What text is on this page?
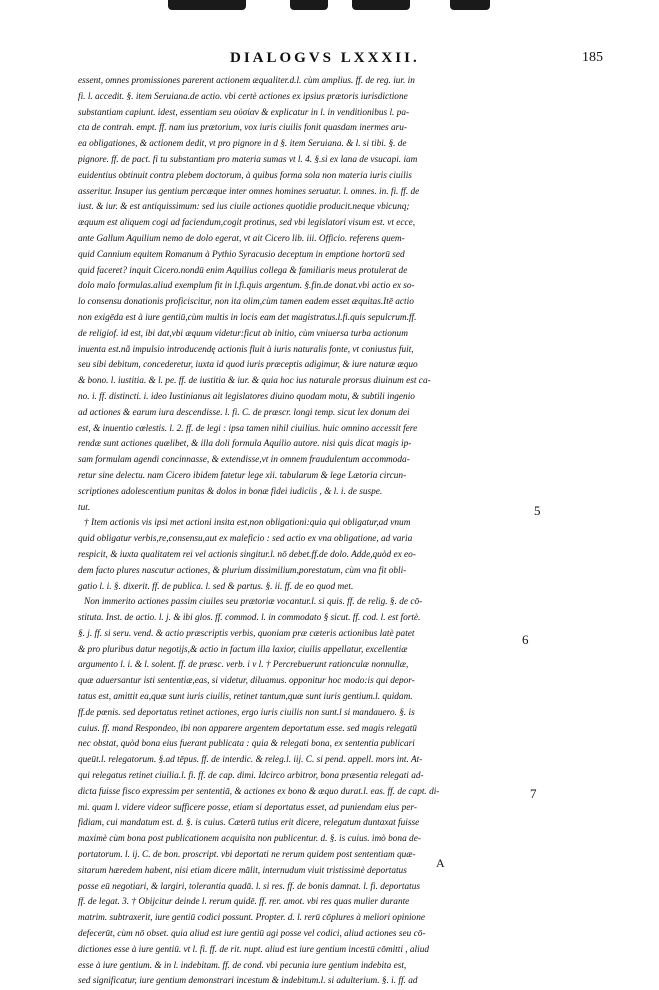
DIALOGVS LXXXII.	185
essent, omnes promissiones parerent actionem æqualiter.d.l. cùm amplius. ff. de reg. iur. in
fi. l. accedit. §. item Seruiana.de actio. vbi certè actiones ex ipsius prætoris iurisdictione
substantiam capiunt. idest, essentiam seu οὐσίαν & explicatur in l. in venditionibus l. pa-
cta de contrah. empt. ff. nam ius prætorium, vox iuris ciuilis fonit quasdam inermes aru-
ea obligationes, & actionem dedit, vt pro pignore in d §. item Seruiana. & l. si tibi. §. de
pignore. ff. de pact. fi tu substantiam pro materia sumas vt l. 4. §.si ex lana de vsucapi. iam
euidentius obtinuit contra plebem doctorum, à quibus forma sola non materia iuris ciuilis
asseritur. Insuper ius gentium percæque inter omnes homines seruatur. l. omnes. in. fi. ff. de
iust. & iur. & est antiquissimum: sed ius ciuile actiones quotidie producit.neque vbicunq;
æquum est aliquem cogi ad faciendum,cogit protinus, sed vbi legislatori visum est. vt ecce,
ante Gallum Aquilium nemo de dolo egerat, vt ait Cicero lib. iii. Officio. referens quem-
quid Cannium equitem Romanum à Pythio Syracusio deceptum in emptione hortorū sed
quid faceret? inquit Cicero.nondū enim Aquilius collega & familiaris meus protulerat de
dolo malo formulas.aliud exemplum fit in l.fi.quis argentum. §.fin.de donat.vbi actio ex so-
lo consensu donationis proficiscitur, non ita olim,cùm tamen eadem esset æquitas.Itē actio
non exigēda est à iure gentiū,cùm multis in locis eam det magistratus.l.fi.quis sepulcrum.ff.
de religiof. id est, ibi dat,vbi æquum videtur:ficut ab initio, cùm vniuersa turba actionum
inuenta est.nã impulsio introducendę actionis fluit à iuris naturalis fonte, vt coniustus fuit,
seu sibi debitum, concederetur, iuxta id quod iuris præceptis adigimur, & iure naturæ æquo
& bono. l. iustitia. & l. pe. ff. de iustitia & iur. & quia hoc ius naturale prorsus diuinum est ca-
no. i. ff. distincti. i. ideo Iustinianus ait legislatores diuino quodam motu, & subtili ingenio
ad actiones & earum iura descendisse. l. fi. C. de præscr. longi temp. sicut lex donum dei
est, & inuentio cœlestis. l. 2. ff. de legi : ipsa tamen nihil ciuilius. huic omnino accessit fere
rendæ sunt actiones quælibet, & illa doli formula Aquilio autore. nisi quis dicat magis ip-
sam formulam agendi concinnasse, & extendisse,vt in omnem fraudulentum accommoda-
retur sine delectu. nam Cicero ibidem fatetur lege xii. tabularum & lege Lætoria circun-
scriptiones adolescentium punitas & dolos in bonæ fidei iudiciis , & l. i. de suspe.
tut.
† Item actionis vis ipsi met actioni insita est,non obligationi:quia qui obligatur,ad vnum
quid obligatur verbis,re,consensu,aut ex maleficio : sed actio ex vna obligatione, ad varia
respicit, & iuxta qualitatem rei vel actionis singitur.l. nō debet.ff.de dolo. Adde,quòd ex eo-
dem facto plures nascutur actiones, & plurium dissimilium,porestatum, cùm vna fit obli-
gatio l. i. §. dixerit. ff. de publica. l. sed & partus. §. ii. ff. de eo quod met.
Non immerito actiones passim ciuiles seu prætoriæ vocantur.l. si quis. ff. de relig. §. de cō-
stituta. Inst. de actio. l. j. & ibi glos. ff. commod. l. in commodato § sicut. ff. cod. l. est fortè.
§. j. ff. si seru. vend. & actio præscriptis verbis, quoniam præ cæteris actionibus latè patet
& pro pluribus datur negotijs,& actio in factum illa laxior, ciuilis appellatur, excellentiæ
argumento l. i. & l. solent. ff. de præsc. verb. i v l. † Percrebuerunt rationculæ nonnullæ,
quæ aduersantur isti sententiæ,eas, si videtur, diluamus. opponitur hoc modo:is qui depor-
tatus est, amittit ea,quæ sunt iuris ciuilis, retinet tantum,quæ sunt iuris gentium.l. quidam.
ff.de pœnis. sed deportatus retinet actiones, ergo iuris ciuilis non sunt.l si mandauero. §. is
cuius. ff. mand Respondeo, ibi non apparere argentem deportatum esse. sed magis relegatū
nec obstat, quòd bona eius fuerant publicata : quia & relegati bona, ex sententia publicari
queūt.l. relegatorum. §.ad tēpus. ff. de interdic. & releg.l. iij. C. si pend. appell. mors int. At-
qui relegatus retinet ciuilia.l. fi. ff. de cap. dimi. Idcirco arbitror, bona præsentia relegati ad-
dicta fuisse fisco expressim per sententiā, & actiones ex bono & æquo durat.l. eas. ff. de capt. di-
mi. quam l. videre videor sufficere posse, etiam si deportatus esset, ad puniendam eius per-
fidiam, cui mandatum est. d. §. is cuius. Cæterū tutius erit dicere, relegatum duntaxat fuisse
maximè cùm bona post publicationem acquisita non publicentur. d. §. is cuius. imò bona de-
portatorum. l. ij. C. de bon. proscript. vbi deportati ne rerum quidem post sententiam quæ-
sitarum hæredem habent, nisi etiam dicere mālit, internudum viuit tristissimè deportatus
posse eū negotiari, & largiri, tolerantia quadā. l. si res. ff. de bonis damnat. l. fi. deportatus
ff. de legat. 3. † Obijcitur deinde l. rerum quidē. ff. rer. amot. vbi res quas mulier durante
matrim. subtraxerit, iure gentiū codici possunt. Propter. d. l. rerū cōplures à meliori opinione
defecerūt, cùm nō obset. quia aliud est iure gentiū agi posse vel codici, aliud actiones seu cō-
dictiones esse à iure gentiū. vt l. fi. ff. de rit. nupt. aliud est iure gentium incestū cōmitti , aliud
esse à iure gentium. & in l. indebitam. ff. de cond. vbi pecunia iure gentium indebita est,
sed significatur, iure gentium demonstrari incestum & indebitum.l. si adulterium. §. i. ff. ad
5
6
7
A
